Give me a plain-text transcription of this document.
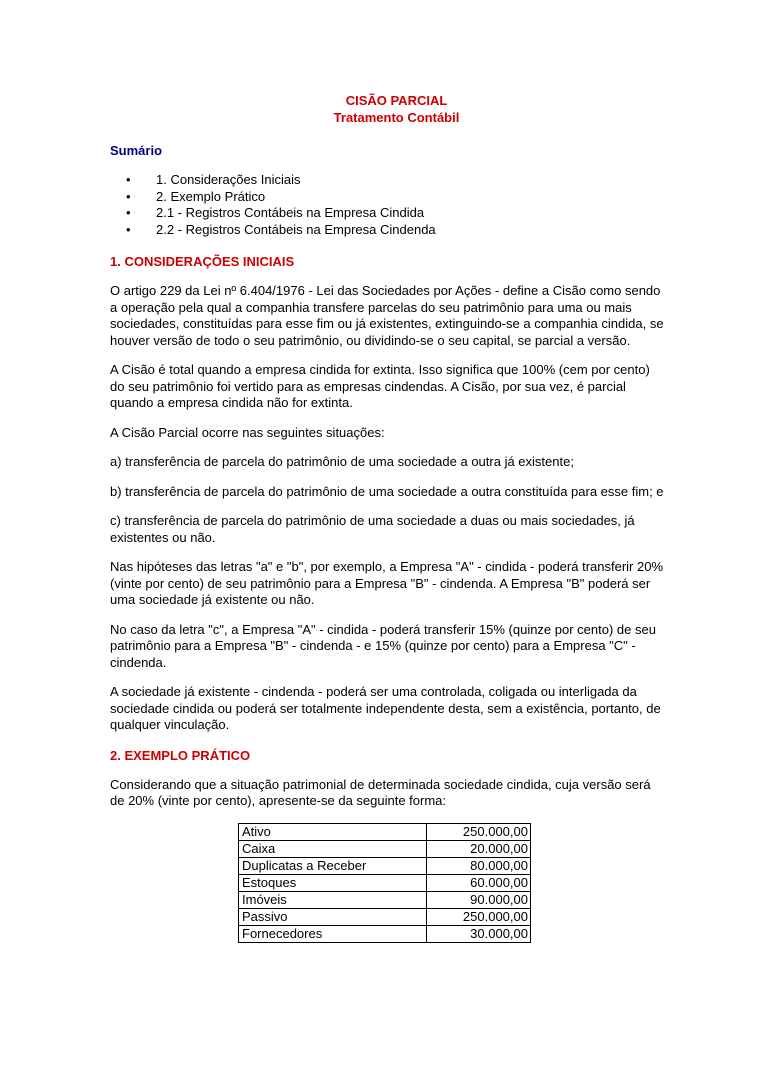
CISÃO PARCIAL
Tratamento Contábil
Sumário
• 1. Considerações Iniciais
• 2. Exemplo Prático
• 2.1 - Registros Contábeis na Empresa Cindida
• 2.2 - Registros Contábeis na Empresa Cindenda
1. CONSIDERAÇÕES INICIAIS

O artigo 229 da Lei nº 6.404/1976 - Lei das Sociedades por Ações - define a Cisão como sendo a operação pela qual a companhia transfere parcelas do seu patrimônio para uma ou mais sociedades, constituídas para esse fim ou já existentes, extinguindo-se a companhia cindida, se houver versão de todo o seu patrimônio, ou dividindo-se o seu capital, se parcial a versão.

A Cisão é total quando a empresa cindida for extinta. Isso significa que 100% (cem por cento) do seu patrimônio foi vertido para as empresas cindendas. A Cisão, por sua vez, é parcial quando a empresa cindida não for extinta.

A Cisão Parcial ocorre nas seguintes situações:

a) transferência de parcela do patrimônio de uma sociedade a outra já existente;

b) transferência de parcela do patrimônio de uma sociedade a outra constituída para esse fim; e

c) transferência de parcela do patrimônio de uma sociedade a duas ou mais sociedades, já existentes ou não.

Nas hipóteses das letras "a" e "b", por exemplo, a Empresa "A" - cindida - poderá transferir 20% (vinte por cento) de seu patrimônio para a Empresa "B" - cindenda. A Empresa "B" poderá ser uma sociedade já existente ou não.

No caso da letra "c", a Empresa "A" - cindida - poderá transferir 15% (quinze por cento) de seu patrimônio para a Empresa "B" - cindenda - e 15% (quinze por cento) para a Empresa "C" - cindenda.

A sociedade já existente - cindenda - poderá ser uma controlada, coligada ou interligada da sociedade cindida ou poderá ser totalmente independente desta, sem a existência, portanto, de qualquer vinculação.

2. EXEMPLO PRÁTICO

Considerando que a situação patrimonial de determinada sociedade cindida, cuja versão será de 20% (vinte por cento), apresente-se da seguinte forma:

Ativo	250.000,00
Caixa	20.000,00
Duplicatas a Receber	80.000,00
Estoques	60.000,00
Imóveis	90.000,00
Passivo	250.000,00
Fornecedores	30.000,00
